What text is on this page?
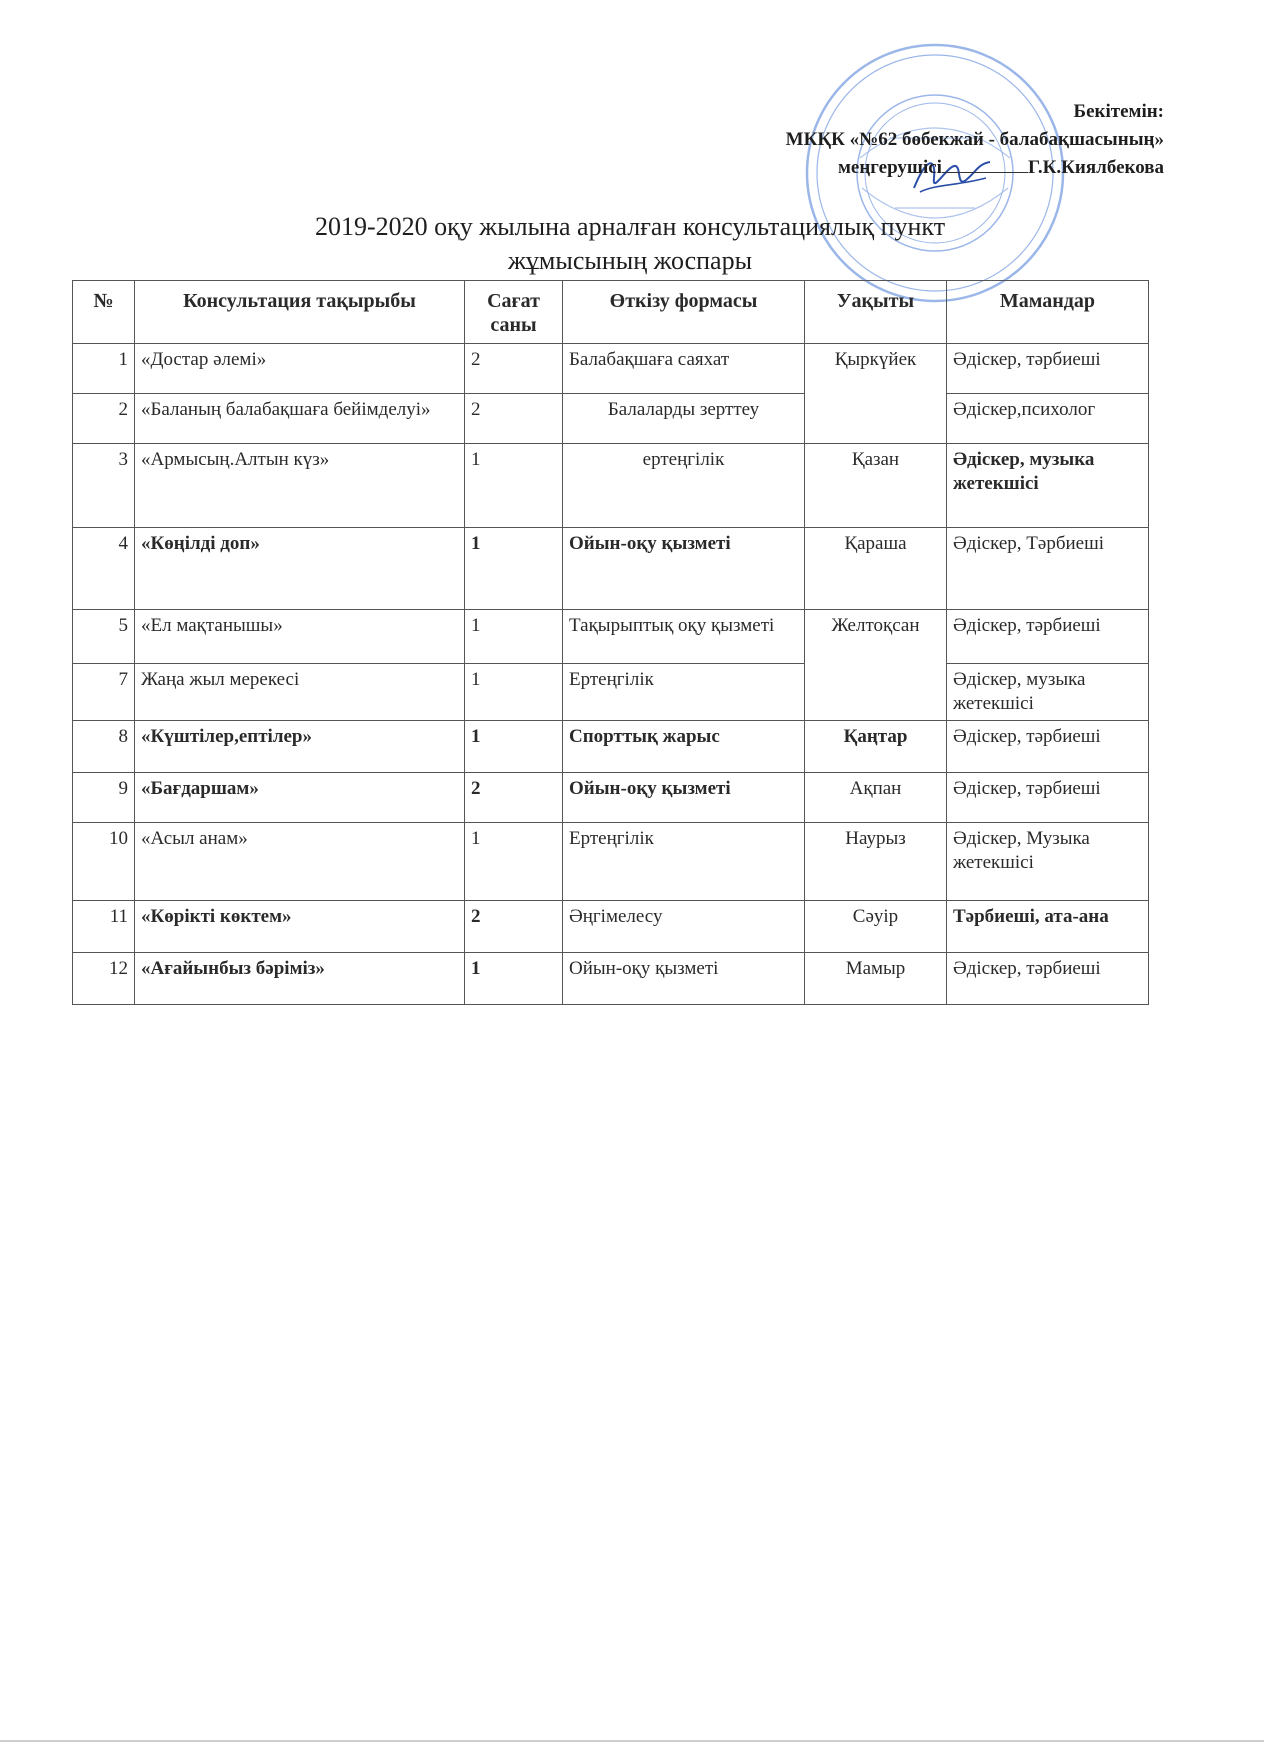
Бекітемін:
МКҚК «№62 бөбекжай - балабақшасының»
меңгерушісі	Г.К.Киялбекова
2019-2020 оқу жылына арналған консультациялық пункт
жұмысының жоспары
№	Консультация тақырыбы	Сағат саны	Өткізу формасы	Уақыты	Мамандар
1	«Достар әлемі»	2	Балабақшаға саяхат	Қыркүйек	Әдіскер, тәрбиеші
2	«Баланың балабақшаға бейімделуі»	2	Балаларды зерттеу		Әдіскер,психолог
3	«Армысың.Алтын күз»	1	ертеңгілік	Қазан	Әдіскер, музыка жетекшісі
4	«Көңілді доп»	1	Ойын-оқу қызметі	Қараша	Әдіскер, Тәрбиеші
5	«Ел мақтанышы»	1	Тақырыптық оқу қызметі	Желтоқсан	Әдіскер, тәрбиеші
7	Жаңа жыл мерекесі	1	Ертеңгілік		Әдіскер, музыка жетекшісі
8	«Күштілер,ептілер»	1	Спорттық жарыс	Қаңтар	Әдіскер, тәрбиеші
9	«Бағдаршам»	2	Ойын-оқу қызметі	Ақпан	Әдіскер, тәрбиеші
10	«Асыл анам»	1	Ертеңгілік	Наурыз	Әдіскер, Музыка жетекшісі
11	«Көрікті көктем»	2	Әңгімелесу	Сәуір	Тәрбиеші, ата-ана
12	«Ағайынбыз бәріміз»	1	Ойын-оқу қызметі	Мамыр	Әдіскер, тәрбиеші
